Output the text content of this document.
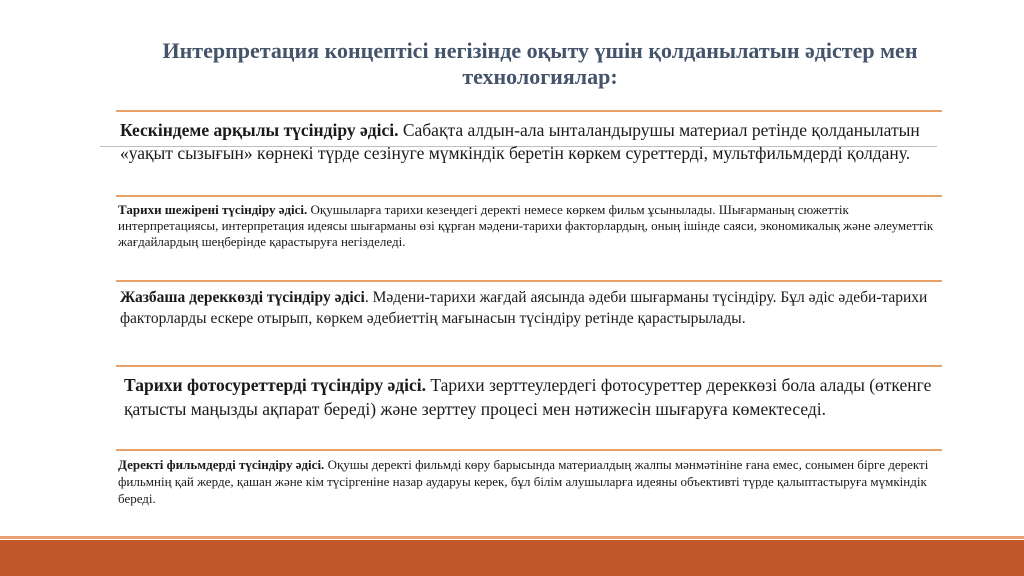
Интерпретация концептісі негізінде оқыту үшін қолданылатын әдістер мен технологиялар:

Кескіндеме арқылы түсіндіру әдісі. Сабақта алдын-ала ынталандырушы материал ретінде қолданылатын «уақыт сызығын» көрнекі түрде сезінуге мүмкіндік беретін көркем суреттерді, мультфильмдерді қолдану.

Тарихи шежірені түсіндіру әдісі. Оқушыларға тарихи кезеңдегі деректі немесе көркем фильм ұсынылады. Шығарманың сюжеттік интерпретациясы, интерпретация идеясы шығарманы өзі құрған мәдени-тарихи факторлардың, оның ішінде саяси, экономикалық және әлеуметтік жағдайлардың шеңберінде қарастыруға негізделеді.

Жазбаша дереккөзді түсіндіру әдісі. Мәдени-тарихи жағдай аясында әдеби шығарманы түсіндіру. Бұл әдіс әдеби-тарихи факторларды ескере отырып, көркем әдебиеттің мағынасын түсіндіру ретінде қарастырылады.

Тарихи фотосуреттерді түсіндіру әдісі. Тарихи зерттеулердегі фотосуреттер дереккөзі бола алады (өткенге қатысты маңызды ақпарат береді) және зерттеу процесі мен нәтижесін шығаруға көмектеседі.

Деректі фильмдерді түсіндіру әдісі. Оқушы деректі фильмді көру барысында материалдың жалпы мәнмәтініне ғана емес, сонымен бірге деректі фильмнің қай жерде, қашан және кім түсіргеніне назар аударуы керек, бұл білім алушыларға идеяны объективті түрде қалыптастыруға мүмкіндік береді.
